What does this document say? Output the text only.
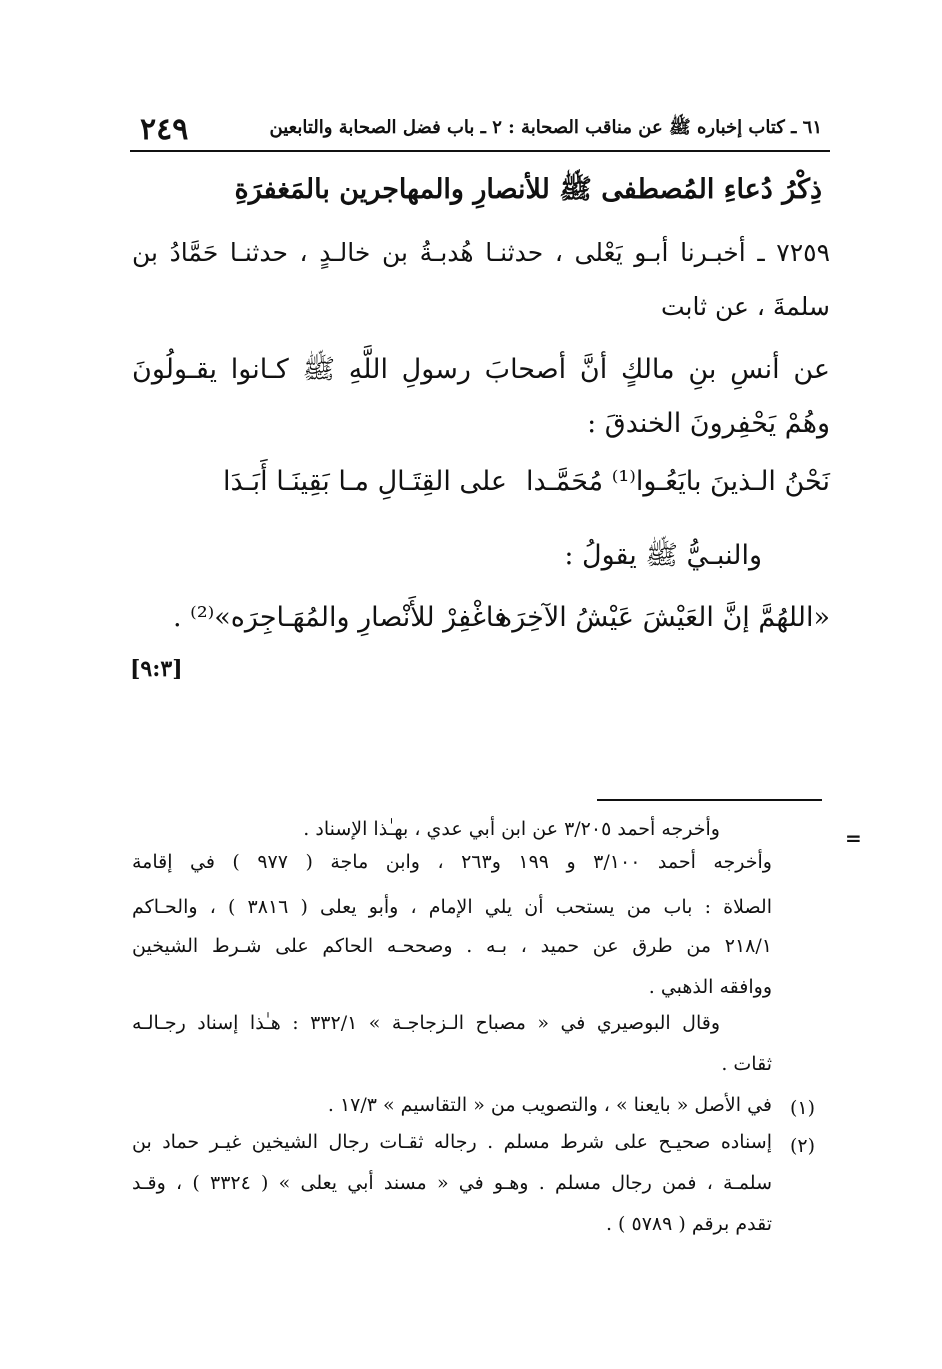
٢٤٩	٦١ ـ كتاب إخباره ﷺ عن مناقب الصحابة : ٢ ـ باب فضل الصحابة والتابعين
ذِكْرُ دُعاءِ المُصطفى ﷺ للأنصارِ والمهاجرين بالمَغفرَةِ
٧٢٥٩ ـ أخبـرنا أبـو يَعْلى ، حدثنـا هُدبـةُ بن خالـدٍ ، حدثنـا حَمَّادُ بن
سلمةَ ، عن ثابت
عن أنسِ بنِ مالكٍ أنَّ أصحابَ رسولِ اللَّهِ ﷺ كـانوا يقـولُونَ
وهُمْ يَحْفِرونَ الخندقَ :
نَحْنُ الـذينَ بايَعُـوا⁽¹⁾ مُحَمَّـدا
على القِتَـالِ مـا بَقِينَـا أَبَـدَا
والنبـيُّ ﷺ يقولُ :
«اللهُمَّ إنَّ العَيْشَ عَيْشُ الآخِرَه
فاغْفِرْ للأَنْصارِ والمُهَـاجِرَه»⁽²⁾ .
[٩:٣]
=
وأخرجه أحمد ٣/٢٠٥ عن ابن أبي عدي ، بهـٰذا الإسناد .
وأخرجه أحمد ٣/١٠٠ و ١٩٩ و٢٦٣ ، وابن ماجة ( ٩٧٧ ) في إقامة
الصلاة : باب من يستحب أن يلي الإمام ، وأبو يعلى ( ٣٨١٦ ) ، والحـاكم
٢١٨/١ من طرق عن حميد ، بـه . وصححـه الحاكم على شـرط الشيخين
ووافقه الذهبي .
وقال البوصيري في « مصباح الـزجاجـة » ٣٣٢/١ : هـٰذا إسناد رجـالـه
ثقات .
(١)
في الأصل « بايعنا » ، والتصويب من « التقاسيم » ١٧/٣ .
(٢)
إسناده صحيـح على شرط مسلم . رجاله ثقـات رجال الشيخين غيـر حماد بن
سلمـة ، فمن رجال مسلم . وهـو في « مسند أبي يعلى » ( ٣٣٢٤ ) ، وقـد
تقدم برقم ( ٥٧٨٩ ) .
